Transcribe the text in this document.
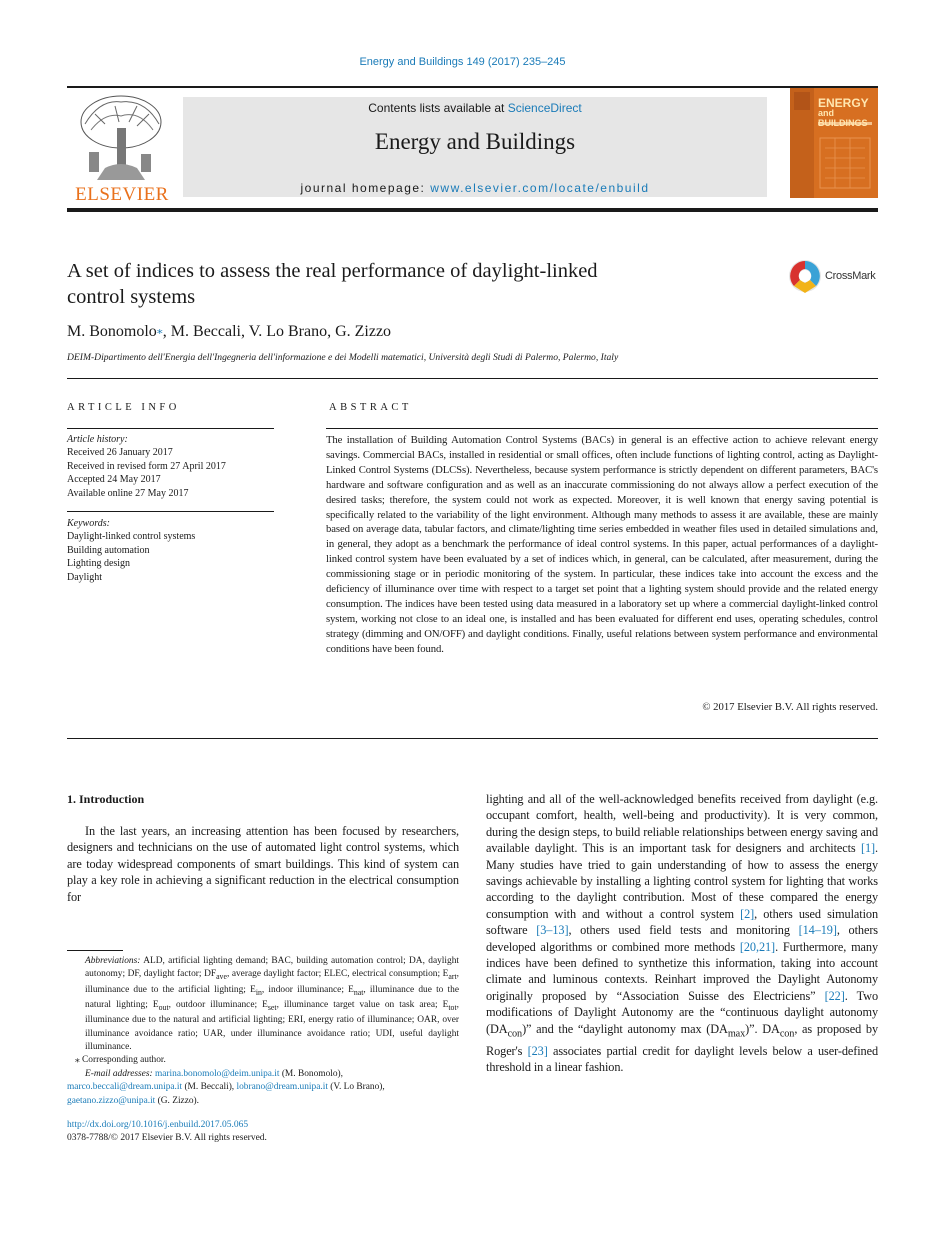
Energy and Buildings 149 (2017) 235–245
ELSEVIER
Contents lists available at ScienceDirect
Energy and Buildings
journal homepage: www.elsevier.com/locate/enbuild
ENERGY
and BUILDINGS
A set of indices to assess the real performance of daylight-linked
control systems
CrossMark
M. Bonomolo⁎, M. Beccali, V. Lo Brano, G. Zizzo
DEIM-Dipartimento dell'Energia dell'Ingegneria dell'informazione e dei Modelli matematici, Università degli Studi di Palermo, Palermo, Italy
ARTICLE INFO
Article history:
Received 26 January 2017
Received in revised form 27 April 2017
Accepted 24 May 2017
Available online 27 May 2017
Keywords:
Daylight-linked control systems
Building automation
Lighting design
Daylight
ABSTRACT
The installation of Building Automation Control Systems (BACs) in general is an effective action to achieve relevant energy savings. Commercial BACs, installed in residential or small offices, often include functions of lighting control, acting as Daylight-Linked Control Systems (DLCSs). Nevertheless, because system performance is strictly dependent on different parameters, BAC's hardware and software configuration and as well as an inaccurate commissioning do not always allow a perfect execution of the desired tasks; therefore, the system could not work as expected. Moreover, it is well known that energy saving potential is specifically related to the variability of the light environment. Although many methods to assess it are available, these are mainly based on average data, tabular factors, and climate/lighting time series embedded in weather files used in detailed simulations and, in general, they adopt as a benchmark the performance of ideal control systems. In this paper, actual performances of a daylight-linked control system have been evaluated by a set of indices which, in general, can be calculated, after measurement, during the commissioning stage or in periodic monitoring of the system. In particular, these indices take into account the excess and the deficiency of illuminance over time with respect to a target set point that a lighting system should provide and the related energy consumption. The indices have been tested using data measured in a laboratory set up where a commercial daylight-linked control system, working not close to an ideal one, is installed and has been evaluated for different end uses, operating schedules, control strategy (dimming and ON/OFF) and daylight conditions. Finally, useful relations between system performance and environmental conditions have been found.
© 2017 Elsevier B.V. All rights reserved.
1. Introduction
In the last years, an increasing attention has been focused by researchers, designers and technicians on the use of automated light control systems, which are today widespread components of smart buildings. This kind of system can play a key role in achieving a significant reduction in the electrical consumption for
lighting and all of the well-acknowledged benefits received from daylight (e.g. occupant comfort, health, well-being and productivity). It is very common, during the design steps, to build reliable relationships between energy saving and available daylight. This is an important task for designers and architects [1]. Many studies have tried to gain understanding of how to assess the energy savings achievable by installing a lighting control system for lighting that works according to the daylight contribution. Most of these compared the energy consumption with and without a control system [2], others used simulation software [3–13], others used field tests and monitoring [14–19], others developed algorithms or combined more methods [20,21]. Furthermore, many indices have been defined to synthetize this information, taking into account climate and luminous contexts. Reinhart improved the Daylight Autonomy originally proposed by “Association Suisse des Electriciens” [22]. Two modifications of Daylight Autonomy are the “continuous daylight autonomy $(DA_{con})$” and the “daylight autonomy $\max (DA_{max})$”. $DA_{con}$, as proposed by Roger's [23] associates partial credit for daylight levels below a user-defined threshold in a linear fashion.
Abbreviations: ALD, artificial lighting demand; BAC, building automation control; DA, daylight autonomy; DF, daylight factor; $DF_{ave}$, average daylight factor; ELEC, electrical consumption; $E_{art}$, illuminance due to the artificial lighting; $E_{in}$, indoor illuminance; $E_{nat}$, illuminance due to the natural lighting; $E_{out}$, outdoor illuminance; $E_{set}$, illuminance target value on task area; $E_{tot}$, illuminance due to the natural and artificial lighting; ERI, energy ratio of illuminance; OAR, over illuminance avoidance ratio; UAR, under illuminance avoidance ratio; UDI, useful daylight illuminance.
⁎ Corresponding author.
E-mail addresses: marina.bonomolo@deim.unipa.it (M. Bonomolo),
marco.beccali@dream.unipa.it (M. Beccali), lobrano@dream.unipa.it (V. Lo Brano),
gaetano.zizzo@unipa.it (G. Zizzo).
http://dx.doi.org/10.1016/j.enbuild.2017.05.065
0378-7788/© 2017 Elsevier B.V. All rights reserved.
